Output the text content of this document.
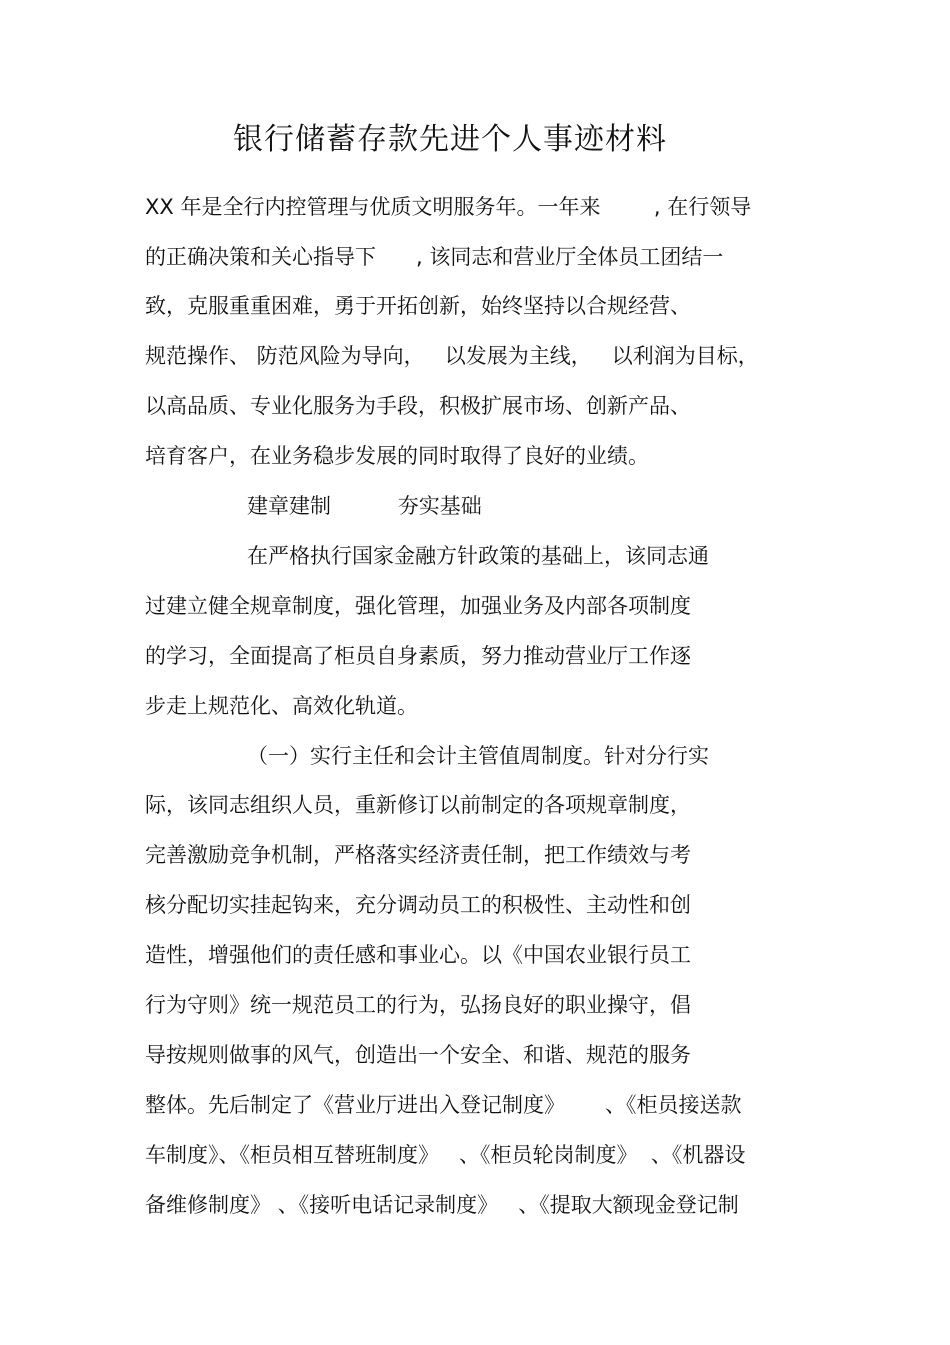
银行储蓄存款先进个人事迹材料
XX 年是全行内控管理与优质文明服务年。一年来        , 在行领导
的正确决策和关心指导下      , 该同志和营业厅全体员工团结一
致，克服重重困难，勇于开拓创新，始终坚持以合规经营、
规范操作、 防范风险为导向，   以发展为主线，   以利润为目标，
以高品质、专业化服务为手段，积极扩展市场、创新产品、
培育客户，在业务稳步发展的同时取得了良好的业绩。
建章建制          夯实基础
在严格执行国家金融方针政策的基础上，该同志通
过建立健全规章制度，强化管理，加强业务及内部各项制度
的学习，全面提高了柜员自身素质，努力推动营业厅工作逐
步走上规范化、高效化轨道。
（一）实行主任和会计主管值周制度。针对分行实
际，该同志组织人员，重新修订以前制定的各项规章制度，
完善激励竞争机制，严格落实经济责任制，把工作绩效与考
核分配切实挂起钩来，充分调动员工的积极性、主动性和创
造性，增强他们的责任感和事业心。以《中国农业银行员工
行为守则》统一规范员工的行为，弘扬良好的职业操守，倡
导按规则做事的风气，创造出一个安全、和谐、规范的服务
整体。先后制定了《营业厅进出入登记制度》      、《柜员接送款
车制度》、《柜员相互替班制度》   、《柜员轮岗制度》  、《机器设
备维修制度》 、《接听电话记录制度》   、《提取大额现金登记制
